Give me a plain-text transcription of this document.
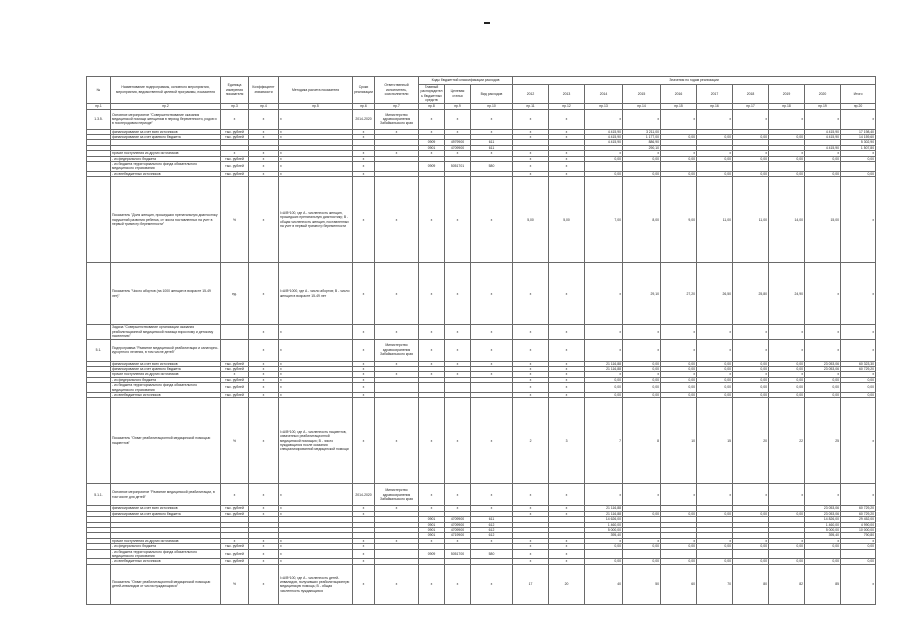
№	Наименование подпрограммы, основного мероприятия, мероприятия, ведомственной целевой программы, показателя	Единица измерения показателя	Коэффициент значимости	Методика расчета показателя	Сроки реализации	Ответственный исполнитель, соисполнители	Коды бюджетной классификации расходов			Значения по годам реализации									
							Главный распорядитель бюджетных средств	Целевая статья	Вид расходов	2012	2013	2014	2015	2016	2017	2018	2019	2020	Итого
пр.1	пр.2	пр.3	пр.4	пр.5	пр.6	пр.7	пр.8	пр.9	пр.10	пр.11	пр.12	пр.13	пр.14	пр.15	пр.16	пр.17	пр.18	пр.19	пр.20
1.3.5.	Основное мероприятие "Совершенствование оказания медицинской помощи женщинам в период беременности, родов и в послеродовом периоде"	х	х	х	2014-2020	Министерство здравоохранения Забайкальского края	х	х	х	х	х	х	х	х	х	х	х	х	х
	финансирование за счет всех источников	тыс. рублей	х	х	х	х	х	х	х	х	х	4 415,90	3 211,00					4 415,90	17 198,40
	финансирование за счет краевого бюджета	тыс. рублей	х	х	х					х	х	4 415,90	1 177,00	0,00	0,00	0,00	0,00	4 415,90	14 159,60
							0909	4979900	611			4 415,90	886,90						5 302,90
							0901	4709900	611				290,10					4 415,90	1 507,80
	прочие поступления из других источников:	х	х	х	х	х	х	х	х	х	х	х	х	х	х	х	х	х	х
	- из федерального бюджета	тыс. рублей	х	х	х					х	х	0,00	0,00	0,00	0,00	0,00	0,00	0,00	0,00
	- из бюджета территориального фонда обязательного медицинского страхования	тыс. рублей	х	х	х		0909	5051701	580	х	х								
	- из внебюджетных источников	тыс. рублей	х	х	х					х	х	0,00	0,00	0,00	0,00	0,00	0,00	0,00	0,00
	Показатель "Доля женщин, прошедших пренатальную диагностику нарушений развития ребенка, от числа поставленных на учет в первый триместр беременности"	%	х	I=A/B*100, где A - численность женщин, прошедших пренатальную диагностику; B - общая численность женщин, поставленных на учет в первый триместр беременности	х	х	х	х	х	5,00	5,00	7,00	8,00	9,00	11,00	11,00	14,00	15,00	х
	Показатель "Число абортов (на 1000 женщин в возрасте 15-49 лет)"	ед.	х	I=A/B*1000, где A - число абортов; B - число женщин в возрасте 15-49 лет	х	х	х	х	х	х	х	х	29,10	27,20	26,50	25,80	24,90	х	х
	Задача "Совершенствование организации оказания реабилитационной медицинской помощи взрослому и детскому населению"		х	х	х	х	х	х	х	х	х	х	х	х	х	х	х	х	х
5.1.	Подпрограмма "Развитие медицинской реабилитации и санаторно-курортного лечения, в том числе детей"		х	х	х	Министерство здравоохранения Забайкальского края	х	х	х	х	х	х	х	х	х	х	х	х	х
	финансирование за счет всех источников	тыс. рублей	х	х	х	х	х	х	х	х	х	21 116,88	0,00	0,00	0,00	0,00	0,00	23 053,06	60 323,30
	финансирование за счет краевого бюджета	тыс. рублей	х	х	х					х	х	21 116,88	0,00	0,00	0,00	0,00	0,00	23 053,06	60 729,20
	прочие поступления из других источников:	х	х	х	х	х	х	х	х	х	х	х	х	х	х	х	х	х	х
	- из федерального бюджета	тыс. рублей	х	х	х					х	х	0,00	0,00	0,00	0,00	0,00	0,00	0,00	0,00
	- из бюджета территориального фонда обязательного медицинского страхования	тыс. рублей	х	х	х					х	х	0,00	0,00	0,00	0,00	0,00	0,00	0,00	0,00
	- из внебюджетных источников	тыс. рублей	х	х	х					х	х	0,00	0,00	0,00	0,00	0,00	0,00	0,00	0,00
	Показатель "Охват реабилитационной медицинской помощью пациентов"	%	х	I=A/B*100, где A - численность пациентов, охваченных реабилитационной медицинской помощью; B - число нуждающихся после оказания специализированной медицинской помощи	х	х	х	х	х	2	3	7	8	10	15	20	22	25	х
5.1.1.	Основное мероприятие "Развитие медицинской реабилитации, в том числе для детей"	х	х	х	2014-2020	Министерство здравоохранения Забайкальского края	х	х	х	х	х	х	х	х	х	х	х	х	х
	финансирование за счет всех источников	тыс. рублей	х	х	х	х	х	х	х	х	х	21 116,88						23 053,06	60 729,20
	финансирование за счет краевого бюджета	тыс. рублей	х	х	х					х	х	21 116,88	0,00	0,00	0,00	0,00	0,00	23 053,06	60 729,20
							0901	4709900	611			14 626,00						14 826,00	29 452,00
							0901	4709900	612			1 460,00						1 460,00	4 990,00
							0901	4709900	612			5 000,00						5 000,00	10 000,00
							0901	4719900	612			395,40						395,40	790,80
	прочие поступления из других источников:	х	х	х	х	х	х	х	х	х	х	х	х	х	х	х	х	х	х
	- из федерального бюджета	тыс. рублей	х	х	х					х	х	0,00	0,00	0,00	0,00	0,00	0,00	0,00	0,00
	- из бюджета территориального фонда обязательного медицинского страхования	тыс. рублей	х	х	х		0909	5051700	580	х	х								
	- из внебюджетных источников	тыс. рублей	х	х	х					х	х	0,00	0,00	0,00	0,00	0,00	0,00	0,00	0,00
	Показатель "Охват реабилитационной медицинской помощью детей-инвалидов от числа нуждающихся"	%	х	I=A/B*100, где A - численность детей-инвалидов, получивших реабилитационную медицинскую помощь; B - общая численность нуждающихся	х	х	х	х	х	17	20	40	50	60	70	80	82	85	х
